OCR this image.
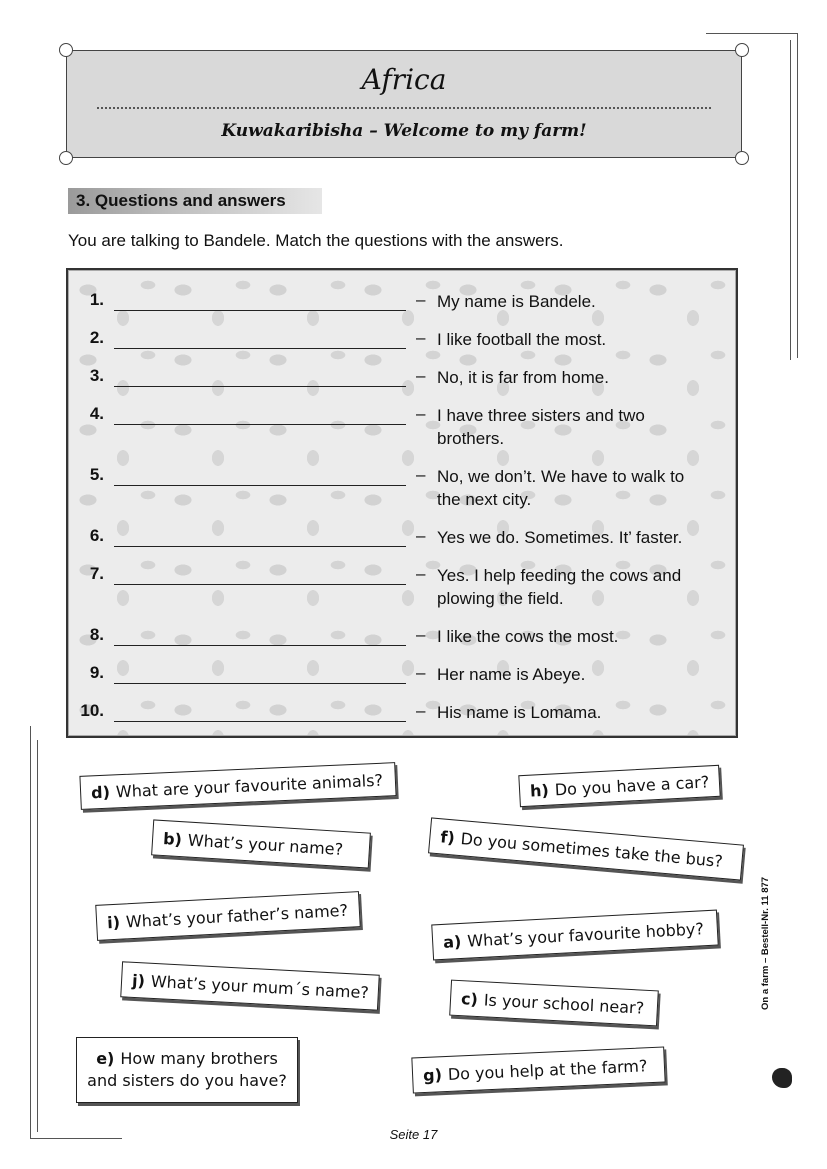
Africa
Kuwakaribisha – Welcome to my farm!
3. Questions and answers
You are talking to Bandele. Match the questions with the answers.
1.	– My name is Bandele.
2.	– I like football the most.
3.	– No, it is far from home.
4.	– I have three sisters and two
brothers.
5.	– No, we don’t. We have to walk to
the next city.
6.	– Yes we do. Sometimes. It’ faster.
7.	– Yes. I help feeding the cows and
plowing the field.
8.	– I like the cows the most.
9.	– Her name is Abeye.
10.	– His name is Lomama.
d) What are your favourite animals?	h) Do you have a car?
b) What’s your name?	f) Do you sometimes take the bus?
i) What’s your father’s name?
a) What’s your favourite hobby?
j) What’s your mum´s name?	c) Is your school near?
e) How many brothers
and sisters do you have?	g) Do you help at the farm?
Seite 17
On a farm – Bestell-Nr. 11 877
